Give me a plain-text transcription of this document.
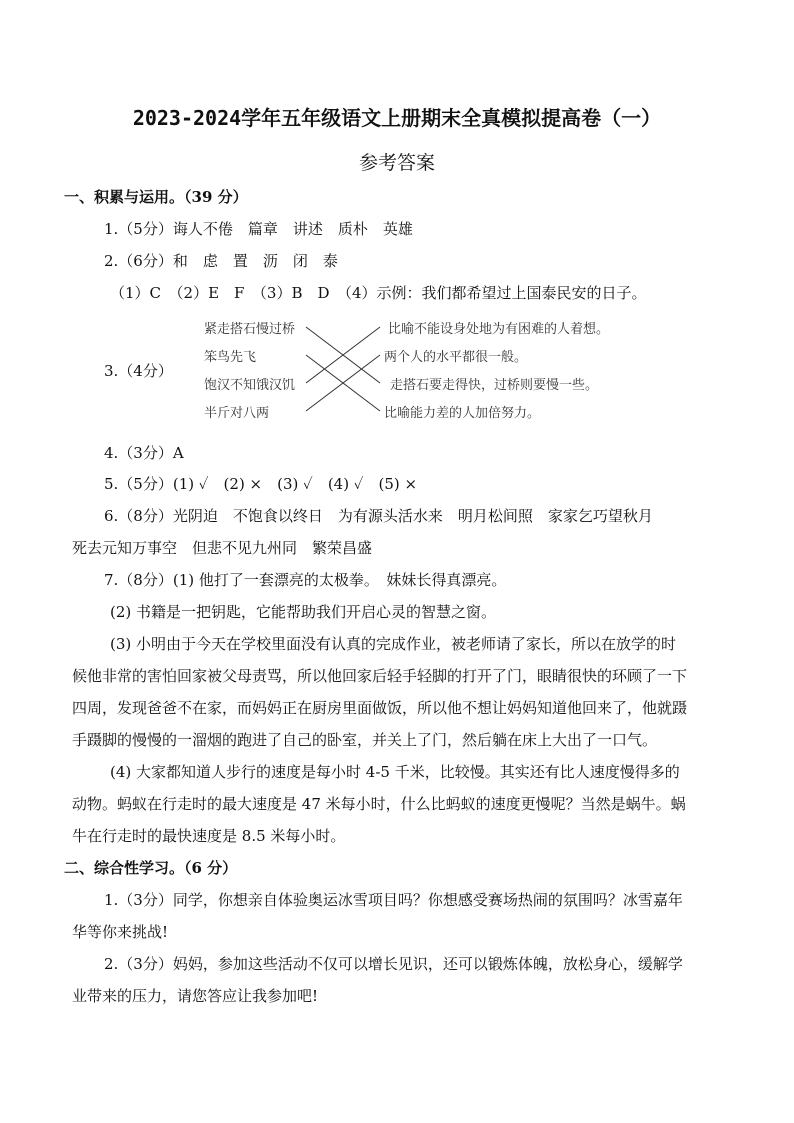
2023-2024学年五年级语文上册期末全真模拟提高卷（一）
参考答案
一、积累与运用。（39 分）
1.（5分）诲人不倦　篇章　讲述　质朴　英雄
2.（6分）和　虑　置　沥　闭　泰
（1）C　（2）E　F　（3）B　D　（4）示例：我们都希望过上国泰民安的日子。
3.（4分）
紧走搭石慢过桥
笨鸟先飞
饱汉不知饿汉饥
半斤对八两
比喻不能设身处地为有困难的人着想。
两个人的水平都很一般。
走搭石要走得快，过桥则要慢一些。
比喻能力差的人加倍努力。
4.（3分）A
5.（5分）(1) ✓　(2) ×　(3) ✓　(4) ✓　(5) ×
6.（8分）光阴迫　不饱食以终日　为有源头活水来　明月松间照　家家乞巧望秋月
死去元知万事空　但悲不见九州同　繁荣昌盛
7.（8分）(1) 他打了一套漂亮的太极拳。　妹妹长得真漂亮。
(2) 书籍是一把钥匙，它能帮助我们开启心灵的智慧之窗。
(3) 小明由于今天在学校里面没有认真的完成作业，被老师请了家长，所以在放学的时
候他非常的害怕回家被父母责骂，所以他回家后轻手轻脚的打开了门，眼睛很快的环顾了一下
四周，发现爸爸不在家，而妈妈正在厨房里面做饭，所以他不想让妈妈知道他回来了，他就蹑
手蹑脚的慢慢的一溜烟的跑进了自己的卧室，并关上了门，然后躺在床上大出了一口气。
(4) 大家都知道人步行的速度是每小时 4-5 千米，比较慢。其实还有比人速度慢得多的
动物。蚂蚁在行走时的最大速度是 47 米每小时，什么比蚂蚁的速度更慢呢？当然是蜗牛。蜗
牛在行走时的最快速度是 8.5 米每小时。
二、综合性学习。（6 分）
1.（3分）同学，你想亲自体验奥运冰雪项目吗？你想感受赛场热闹的氛围吗？冰雪嘉年
华等你来挑战!
2.（3分）妈妈，参加这些活动不仅可以增长见识，还可以锻炼体魄，放松身心，缓解学
业带来的压力，请您答应让我参加吧!
